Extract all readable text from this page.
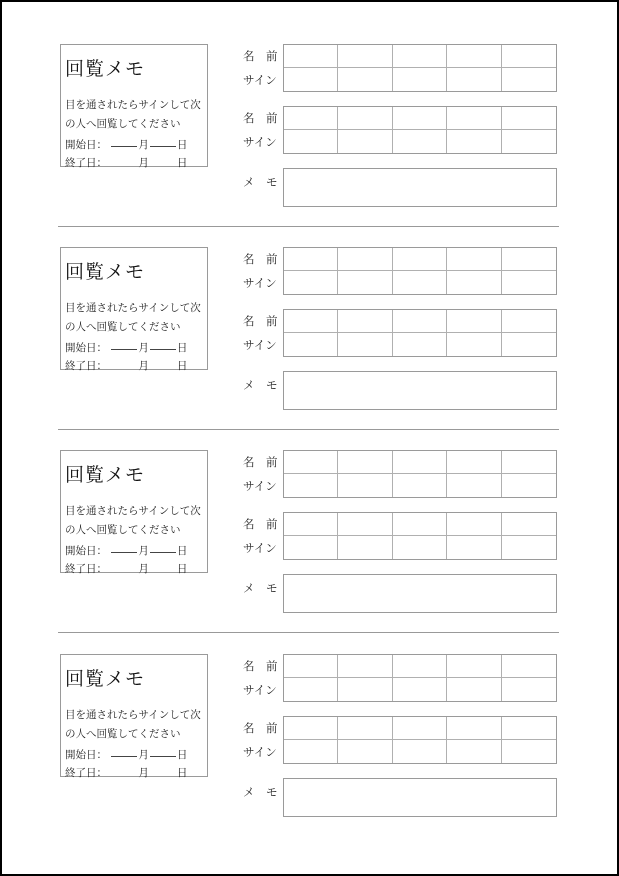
回覧メモ
目を通されたらサインして次
の人へ回覧してください
開始日：	月	日
終了日：	月	日
名　前
サイン
名　前
サイン
メ　モ
回覧メモ
目を通されたらサインして次
の人へ回覧してください
開始日：	月	日
終了日：	月	日
名　前
サイン
名　前
サイン
メ　モ
回覧メモ
目を通されたらサインして次
の人へ回覧してください
開始日：	月	日
終了日：	月	日
名　前
サイン
名　前
サイン
メ　モ
回覧メモ
目を通されたらサインして次
の人へ回覧してください
開始日：	月	日
終了日：	月	日
名　前
サイン
名　前
サイン
メ　モ
